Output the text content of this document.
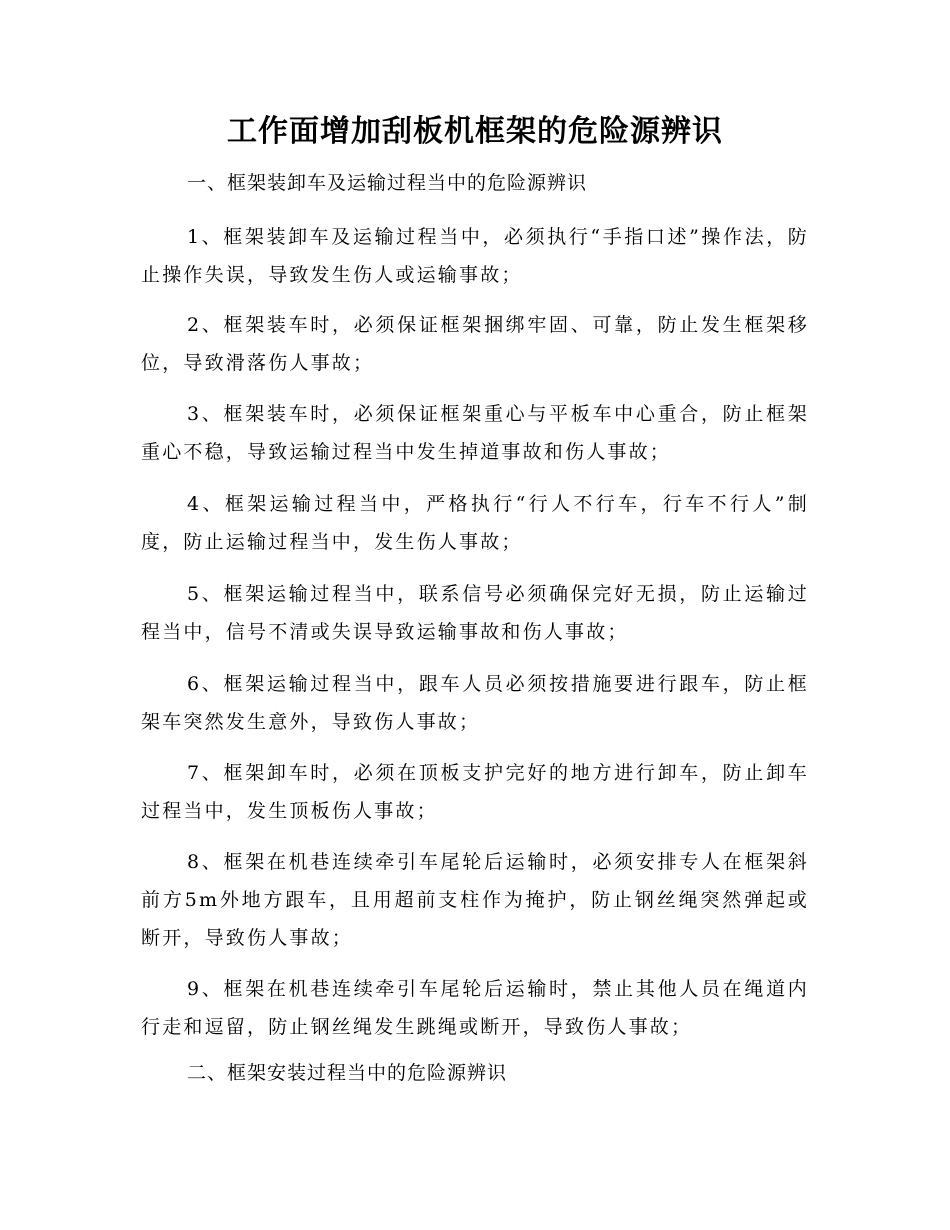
工作面增加刮板机框架的危险源辨识

一、框架装卸车及运输过程当中的危险源辨识

1、框架装卸车及运输过程当中，必须执行“手指口述”操作法，防止操作失误，导致发生伤人或运输事故；

2、框架装车时，必须保证框架捆绑牢固、可靠，防止发生框架移位，导致滑落伤人事故；

3、框架装车时，必须保证框架重心与平板车中心重合，防止框架重心不稳，导致运输过程当中发生掉道事故和伤人事故；

4、框架运输过程当中，严格执行“行人不行车，行车不行人”制度，防止运输过程当中，发生伤人事故；

5、框架运输过程当中，联系信号必须确保完好无损，防止运输过程当中，信号不清或失误导致运输事故和伤人事故；

6、框架运输过程当中，跟车人员必须按措施要进行跟车，防止框架车突然发生意外，导致伤人事故；

7、框架卸车时，必须在顶板支护完好的地方进行卸车，防止卸车过程当中，发生顶板伤人事故；

8、框架在机巷连续牵引车尾轮后运输时，必须安排专人在框架斜前方5m外地方跟车，且用超前支柱作为掩护，防止钢丝绳突然弹起或断开，导致伤人事故；

9、框架在机巷连续牵引车尾轮后运输时，禁止其他人员在绳道内行走和逗留，防止钢丝绳发生跳绳或断开，导致伤人事故；

二、框架安装过程当中的危险源辨识
